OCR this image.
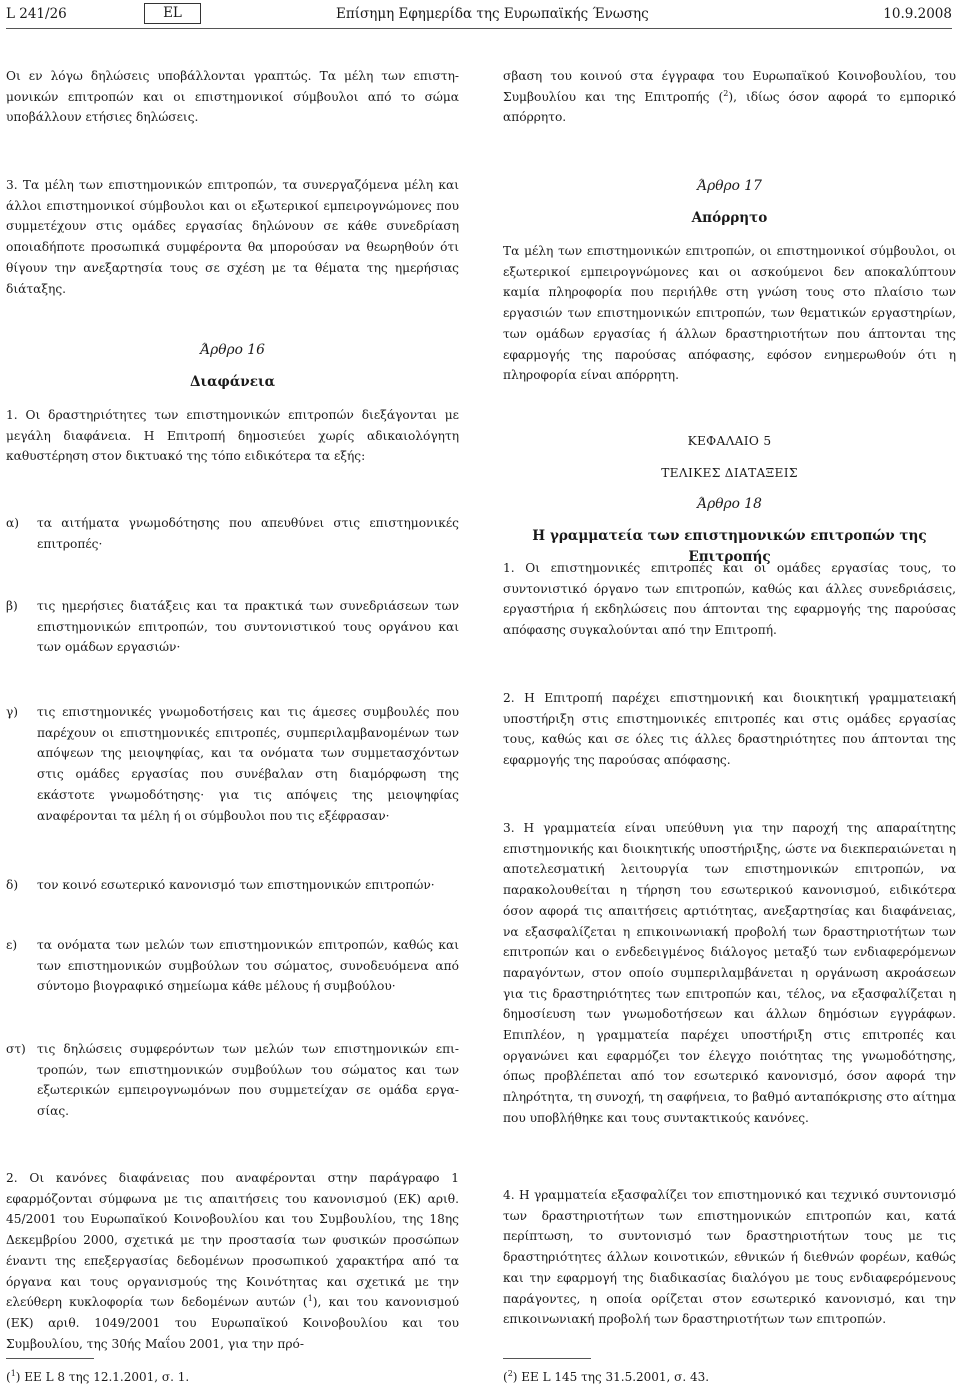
L 241/26	EL	Επίσημη Εφημερίδα της Ευρωπαϊκής Ένωσης	10.9.2008

Οι εν λόγω δηλώσεις υποβάλλονται γραπτώς. Τα μέλη των επιστημονικών επιτροπών και οι επιστημονικοί σύμβουλοι από το σώμα υποβάλλουν ετήσιες δηλώσεις.

3. Τα μέλη των επιστημονικών επιτροπών, τα συνεργαζόμενα μέλη και άλλοι επιστημονικοί σύμβουλοι και οι εξωτερικοί εμπειρογνώμονες που συμμετέχουν στις ομάδες εργασίας δηλώνουν σε κάθε συνεδρίαση οποιαδήποτε προσωπικά συμφέροντα θα μπορούσαν να θεωρηθούν ότι θίγουν την ανεξαρτησία τους σε σχέση με τα θέματα της ημερήσιας διάταξης.

Άρθρο 16
Διαφάνεια

1. Οι δραστηριότητες των επιστημονικών επιτροπών διεξάγονται με μεγάλη διαφάνεια. Η Επιτροπή δημοσιεύει χωρίς αδικαιολόγητη καθυστέρηση στον δικτυακό της τόπο ειδικότερα τα εξής:

α) τα αιτήματα γνωμοδότησης που απευθύνει στις επιστημονικές επιτροπές·
β) τις ημερήσιες διατάξεις και τα πρακτικά των συνεδριάσεων των επιστημονικών επιτροπών, του συντονιστικού τους οργάνου και των ομάδων εργασιών·
γ) τις επιστημονικές γνωμοδοτήσεις και τις άμεσες συμβουλές που παρέχουν οι επιστημονικές επιτροπές, συμπεριλαμβανομένων των απόψεων της μειοψηφίας, και τα ονόματα των συμμετασχόντων στις ομάδες εργασίας που συνέβαλαν στη διαμόρφωση της εκάστοτε γνωμοδότησης· για τις απόψεις της μειοψηφίας αναφέρονται τα μέλη ή οι σύμβουλοι που τις εξέφρασαν·
δ) τον κοινό εσωτερικό κανονισμό των επιστημονικών επιτροπών·
ε) τα ονόματα των μελών των επιστημονικών επιτροπών, καθώς και των επιστημονικών συμβούλων του σώματος, συνοδευόμενα από σύντομο βιογραφικό σημείωμα κάθε μέλους ή συμβούλου·
στ) τις δηλώσεις συμφερόντων των μελών των επιστημονικών επιτροπών, των επιστημονικών συμβούλων του σώματος και των εξωτερικών εμπειρογνωμόνων που συμμετείχαν σε ομάδα εργασίας.

2. Οι κανόνες διαφάνειας που αναφέρονται στην παράγραφο 1 εφαρμόζονται σύμφωνα με τις απαιτήσεις του κανονισμού (ΕΚ) αριθ. 45/2001 του Ευρωπαϊκού Κοινοβουλίου και του Συμβουλίου, της 18ης Δεκεμβρίου 2000, σχετικά με την προστασία των φυσικών προσώπων έναντι της επεξεργασίας δεδομένων προσωπικού χαρακτήρα από τα όργανα και τους οργανισμούς της Κοινότητας και σχετικά με την ελεύθερη κυκλοφορία των δεδομένων αυτών ($^1$), και του κανονισμού (ΕΚ) αριθ. 1049/2001 του Ευρωπαϊκού Κοινοβουλίου και του Συμβουλίου, της 30ής Μαΐου 2001, για την πρό-

($^1$) EE L 8 της 12.1.2001, σ. 1.

σβαση του κοινού στα έγγραφα του Ευρωπαϊκού Κοινοβουλίου, του Συμβουλίου και της Επιτροπής ($^2$), ιδίως όσον αφορά το εμπορικό απόρρητο.

Άρθρο 17
Απόρρητο

Τα μέλη των επιστημονικών επιτροπών, οι επιστημονικοί σύμβουλοι, οι εξωτερικοί εμπειρογνώμονες και οι ασκούμενοι δεν αποκαλύπτουν καμία πληροφορία που περιήλθε στη γνώση τους στο πλαίσιο των εργασιών των επιστημονικών επιτροπών, των θεματικών εργαστηρίων, των ομάδων εργασίας ή άλλων δραστηριοτήτων που άπτονται της εφαρμογής της παρούσας απόφασης, εφόσον ενημερωθούν ότι η πληροφορία είναι απόρρητη.

ΚΕΦΑΛΑΙΟ 5
ΤΕΛΙΚΕΣ ΔΙΑΤΑΞΕΙΣ
Άρθρο 18
Η γραμματεία των επιστημονικών επιτροπών της Επιτροπής

1. Οι επιστημονικές επιτροπές και οι ομάδες εργασίας τους, το συντονιστικό όργανο των επιτροπών, καθώς και άλλες συνεδριάσεις, εργαστήρια ή εκδηλώσεις που άπτονται της εφαρμογής της παρούσας απόφασης συγκαλούνται από την Επιτροπή.

2. Η Επιτροπή παρέχει επιστημονική και διοικητική γραμματειακή υποστήριξη στις επιστημονικές επιτροπές και στις ομάδες εργασίας τους, καθώς και σε όλες τις άλλες δραστηριότητες που άπτονται της εφαρμογής της παρούσας απόφασης.

3. Η γραμματεία είναι υπεύθυνη για την παροχή της απαραίτητης επιστημονικής και διοικητικής υποστήριξης, ώστε να διεκπεραιώνεται η αποτελεσματική λειτουργία των επιστημονικών επιτροπών, να παρακολουθείται η τήρηση του εσωτερικού κανονισμού, ειδικότερα όσον αφορά τις απαιτήσεις αρτιότητας, ανεξαρτησίας και διαφάνειας, να εξασφαλίζεται η επικοινωνιακή προβολή των δραστηριοτήτων των επιτροπών και ο ενδεδειγμένος διάλογος μεταξύ των ενδιαφερόμενων παραγόντων, στον οποίο συμπεριλαμβάνεται η οργάνωση ακροάσεων για τις δραστηριότητες των επιτροπών και, τέλος, να εξασφαλίζεται η δημοσίευση των γνωμοδοτήσεων και άλλων δημόσιων εγγράφων. Επιπλέον, η γραμματεία παρέχει υποστήριξη στις επιτροπές και οργανώνει και εφαρμόζει τον έλεγχο ποιότητας της γνωμοδότησης, όπως προβλέπεται από τον εσωτερικό κανονισμό, όσον αφορά την πληρότητα, τη συνοχή, τη σαφήνεια, το βαθμό ανταπόκρισης στο αίτημα που υποβλήθηκε και τους συντακτικούς κανόνες.

4. Η γραμματεία εξασφαλίζει τον επιστημονικό και τεχνικό συντονισμό των δραστηριοτήτων των επιστημονικών επιτροπών και, κατά περίπτωση, το συντονισμό των δραστηριοτήτων τους με τις δραστηριότητες άλλων κοινοτικών, εθνικών ή διεθνών φορέων, καθώς και την εφαρμογή της διαδικασίας διαλόγου με τους ενδιαφερόμενους παράγοντες, η οποία ορίζεται στον εσωτερικό κανονισμό, και την επικοινωνιακή προβολή των δραστηριοτήτων των επιτροπών.

($^2$) EE L 145 της 31.5.2001, σ. 43.
